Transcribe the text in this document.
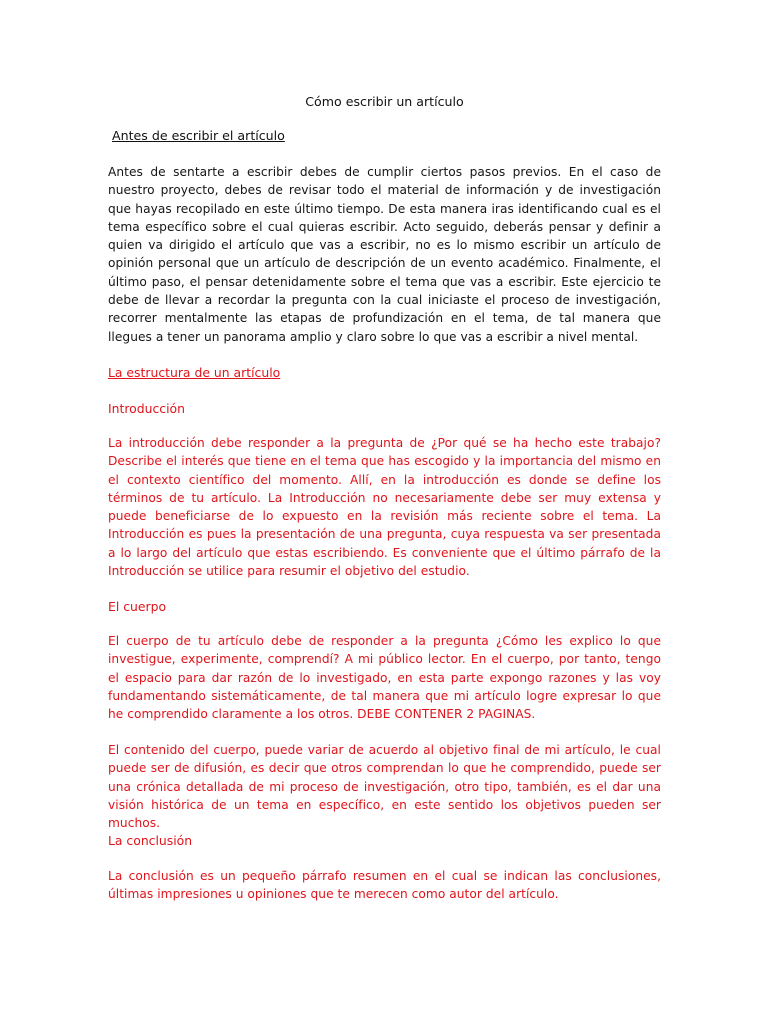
Cómo escribir un artículo
Antes de escribir el artículo

Antes de sentarte a escribir debes de cumplir ciertos pasos previos. En el caso de nuestro proyecto, debes de revisar todo el material de información y de investigación que hayas recopilado en este último tiempo. De esta manera iras identificando cual es el tema específico sobre el cual quieras escribir. Acto seguido, deberás pensar y definir a quien va dirigido el artículo que vas a escribir, no es lo mismo escribir un artículo de opinión personal que un artículo de descripción de un evento académico. Finalmente, el último paso, el pensar detenidamente sobre el tema que vas a escribir. Este ejercicio te debe de llevar a recordar la pregunta con la cual iniciaste el proceso de investigación, recorrer mentalmente las etapas de profundización en el tema, de tal manera que llegues a tener un panorama amplio y claro sobre lo que vas a escribir a nivel mental.

La estructura de un artículo
Introducción

La introducción debe responder a la pregunta de ¿Por qué se ha hecho este trabajo? Describe el interés que tiene en el tema que has escogido y la importancia del mismo en el contexto científico del momento. Allí, en la introducción es donde se define los términos de tu artículo. La Introducción no necesariamente debe ser muy extensa y puede beneficiarse de lo expuesto en la revisión más reciente sobre el tema. La Introducción es pues la presentación de una pregunta, cuya respuesta va ser presentada a lo largo del artículo que estas escribiendo. Es conveniente que el último párrafo de la Introducción se utilice para resumir el objetivo del estudio.

El cuerpo

El cuerpo de tu artículo debe de responder a la pregunta ¿Cómo les explico lo que investigue, experimente, comprendí? A mi público lector. En el cuerpo, por tanto, tengo el espacio para dar razón de lo investigado, en esta parte expongo razones y las voy fundamentando sistemáticamente, de tal manera que mi artículo logre expresar lo que he comprendido claramente a los otros. DEBE CONTENER 2 PAGINAS.

El contenido del cuerpo, puede variar de acuerdo al objetivo final de mi artículo, le cual puede ser de difusión, es decir que otros comprendan lo que he comprendido, puede ser una crónica detallada de mi proceso de investigación, otro tipo, también, es el dar una visión histórica de un tema en específico, en este sentido los objetivos pueden ser muchos.

La conclusión

La conclusión es un pequeño párrafo resumen en el cual se indican las conclusiones, últimas impresiones u opiniones que te merecen como autor del artículo.
